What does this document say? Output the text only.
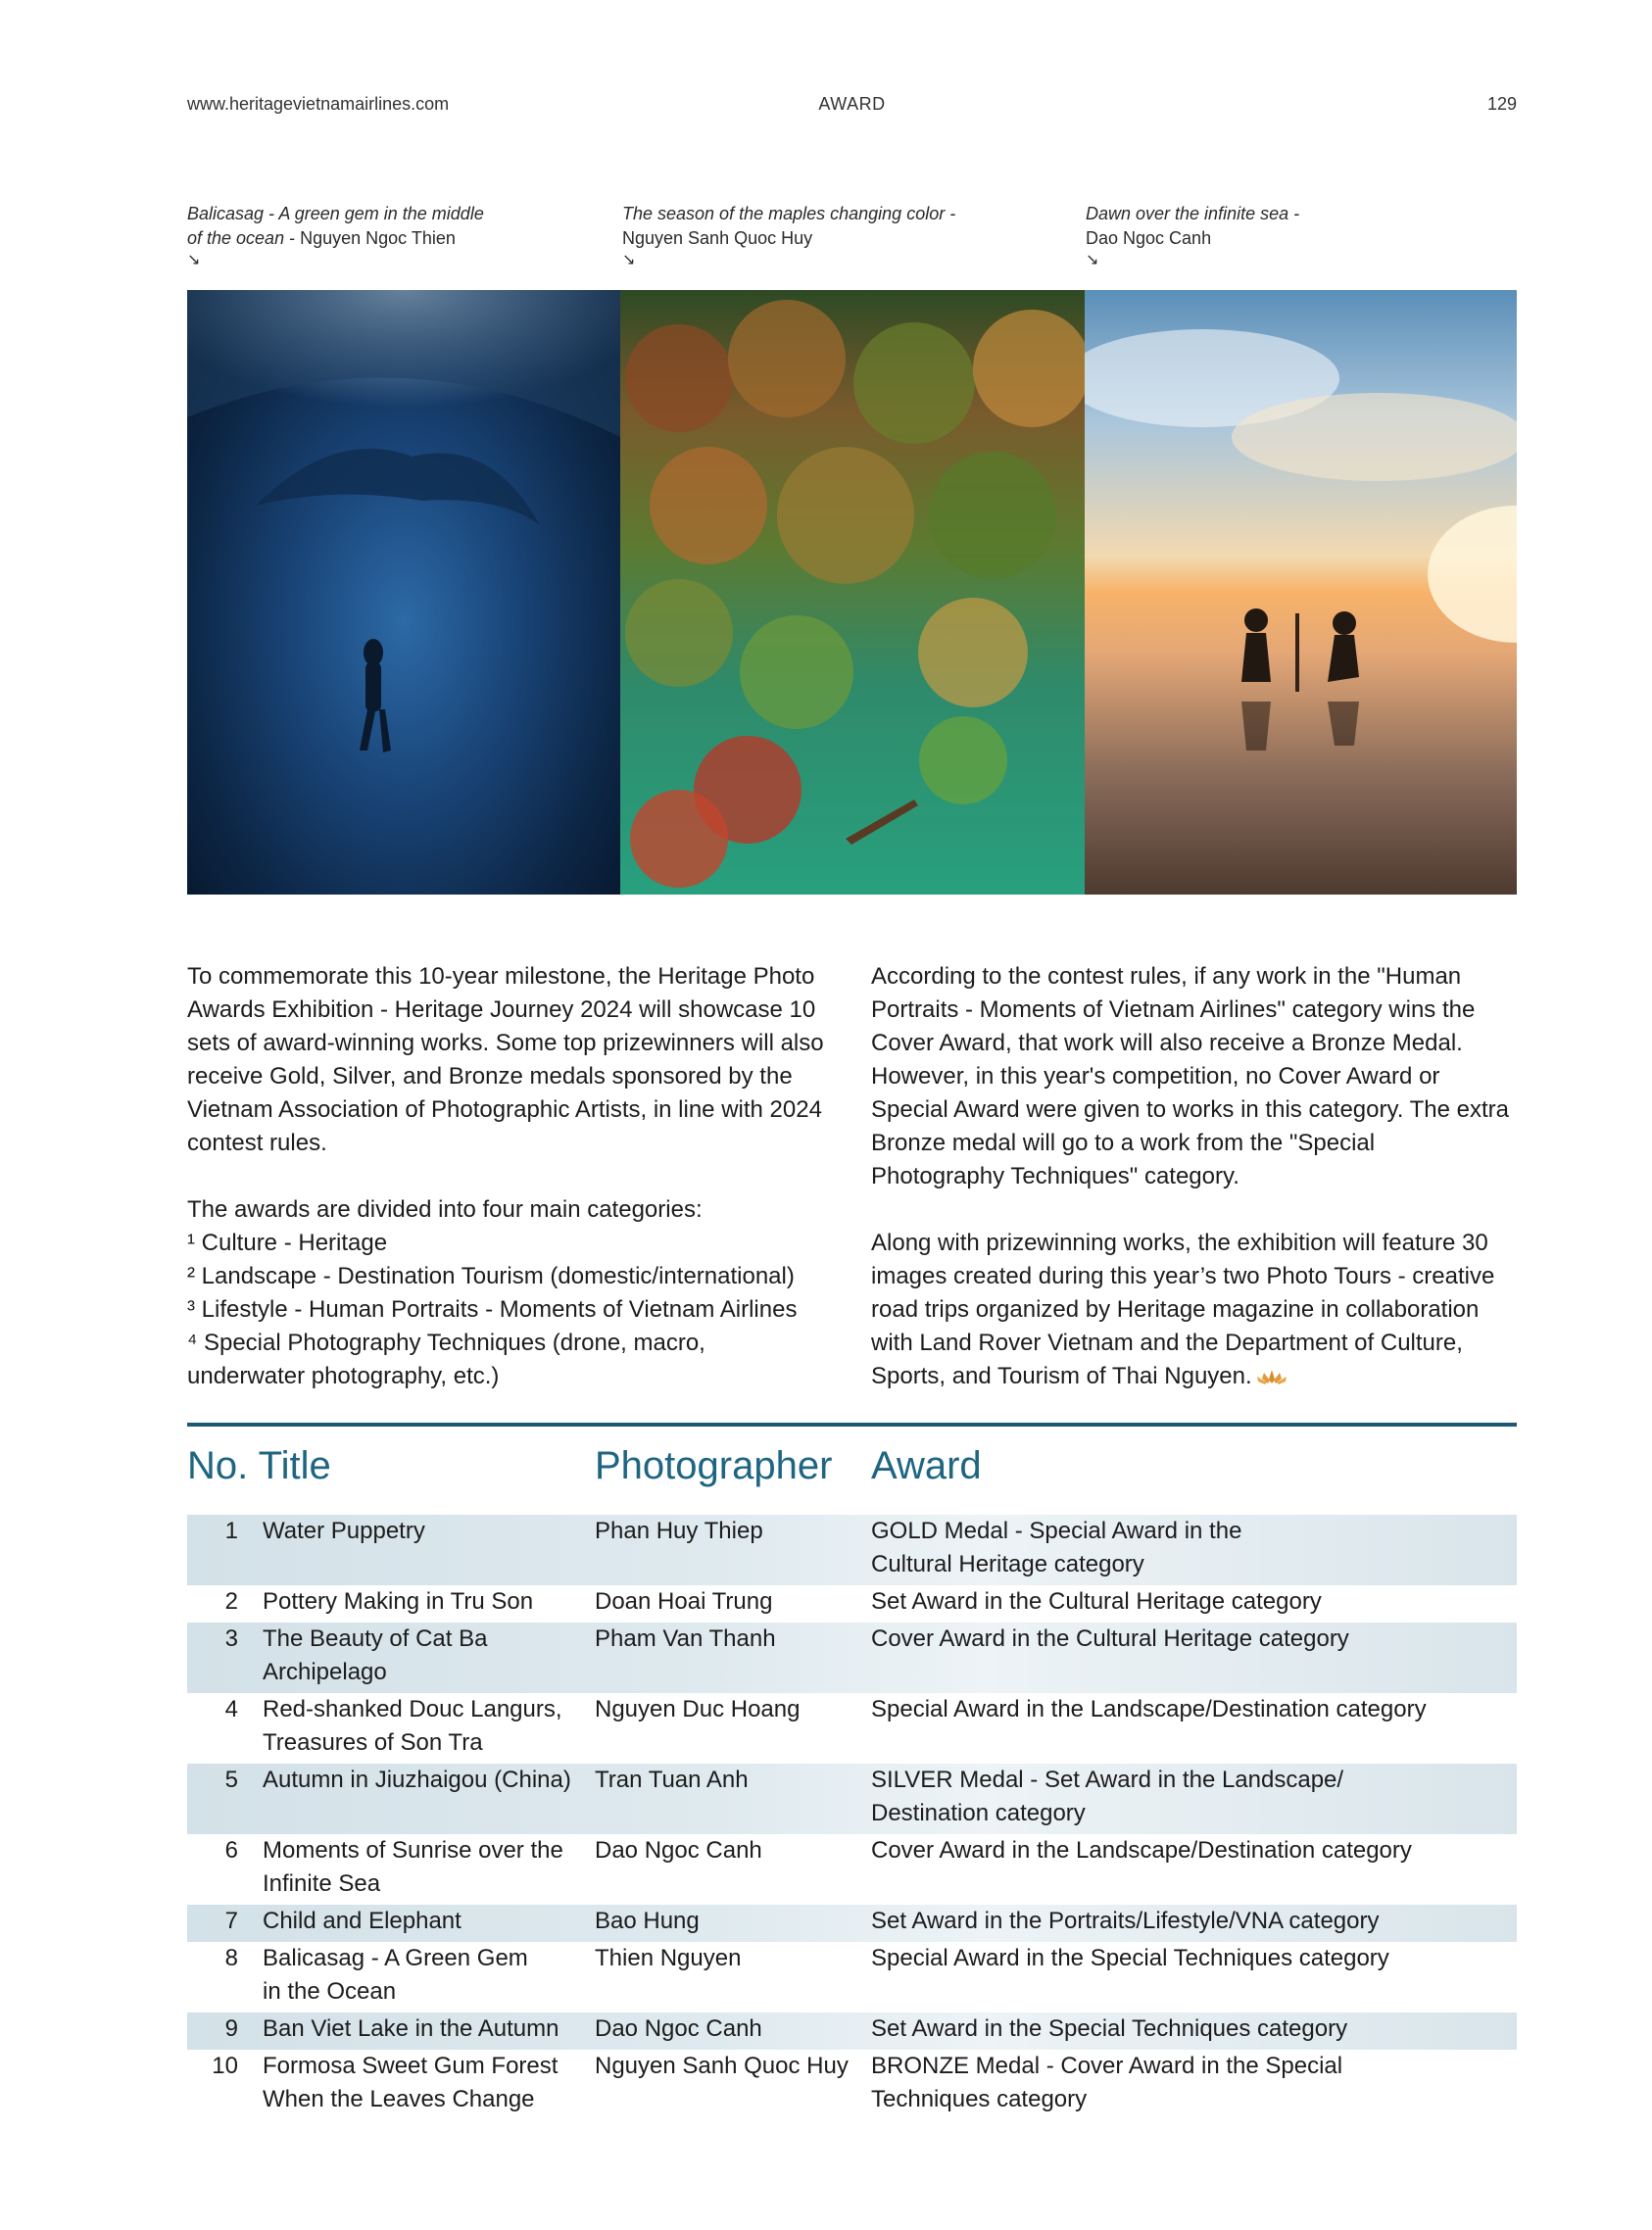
www.heritagevietnamairlines.com	AWARD	129
Balicasag - A green gem in the middle
of the ocean - Nguyen Ngoc Thien
↘
The season of the maples changing color -
Nguyen Sanh Quoc Huy
↘
Dawn over the infinite sea -
Dao Ngoc Canh
↘

To commemorate this 10-year milestone, the Heritage Photo Awards Exhibition - Heritage Journey 2024 will showcase 10 sets of award-winning works. Some top prizewinners will also receive Gold, Silver, and Bronze medals sponsored by the Vietnam Association of Photographic Artists, in line with 2024 contest rules.

The awards are divided into four main categories:
¹ Culture - Heritage
² Landscape - Destination Tourism (domestic/international)
³ Lifestyle - Human Portraits - Moments of Vietnam Airlines
⁴ Special Photography Techniques (drone, macro, underwater photography, etc.)

According to the contest rules, if any work in the "Human Portraits - Moments of Vietnam Airlines" category wins the Cover Award, that work will also receive a Bronze Medal. However, in this year's competition, no Cover Award or Special Award were given to works in this category. The extra Bronze medal will go to a work from the "Special Photography Techniques" category.

Along with prizewinning works, the exhibition will feature 30 images created during this year’s two Photo Tours - creative road trips organized by Heritage magazine in collaboration with Land Rover Vietnam and the Department of Culture, Sports, and Tourism of Thai Nguyen.

No. Title	Photographer Award
1 Water Puppetry	Phan Huy Thiep	GOLD Medal - Special Award in the
Cultural Heritage category
2 Pottery Making in Tru Son	Doan Hoai Trung	Set Award in the Cultural Heritage category
3 The Beauty of Cat Ba
Archipelago
Pham Van Thanh	Cover Award in the Cultural Heritage category
4 Red-shanked Douc Langurs,
Treasures of Son Tra
Nguyen Duc Hoang	Special Award in the Landscape/Destination category
5 Autumn in Jiuzhaigou (China)	Tran Tuan Anh	SILVER Medal - Set Award in the Landscape/
Destination category
6 Moments of Sunrise over the
Infinite Sea
Dao Ngoc Canh	Cover Award in the Landscape/Destination category
7 Child and Elephant	Bao Hung	Set Award in the Portraits/Lifestyle/VNA category
8 Balicasag - A Green Gem
in the Ocean
Thien Nguyen	Special Award in the Special Techniques category
9 Ban Viet Lake in the Autumn	Dao Ngoc Canh	Set Award in the Special Techniques category
10 Formosa Sweet Gum Forest
When the Leaves Change
Nguyen Sanh Quoc Huy BRONZE Medal - Cover Award in the Special
Techniques category
